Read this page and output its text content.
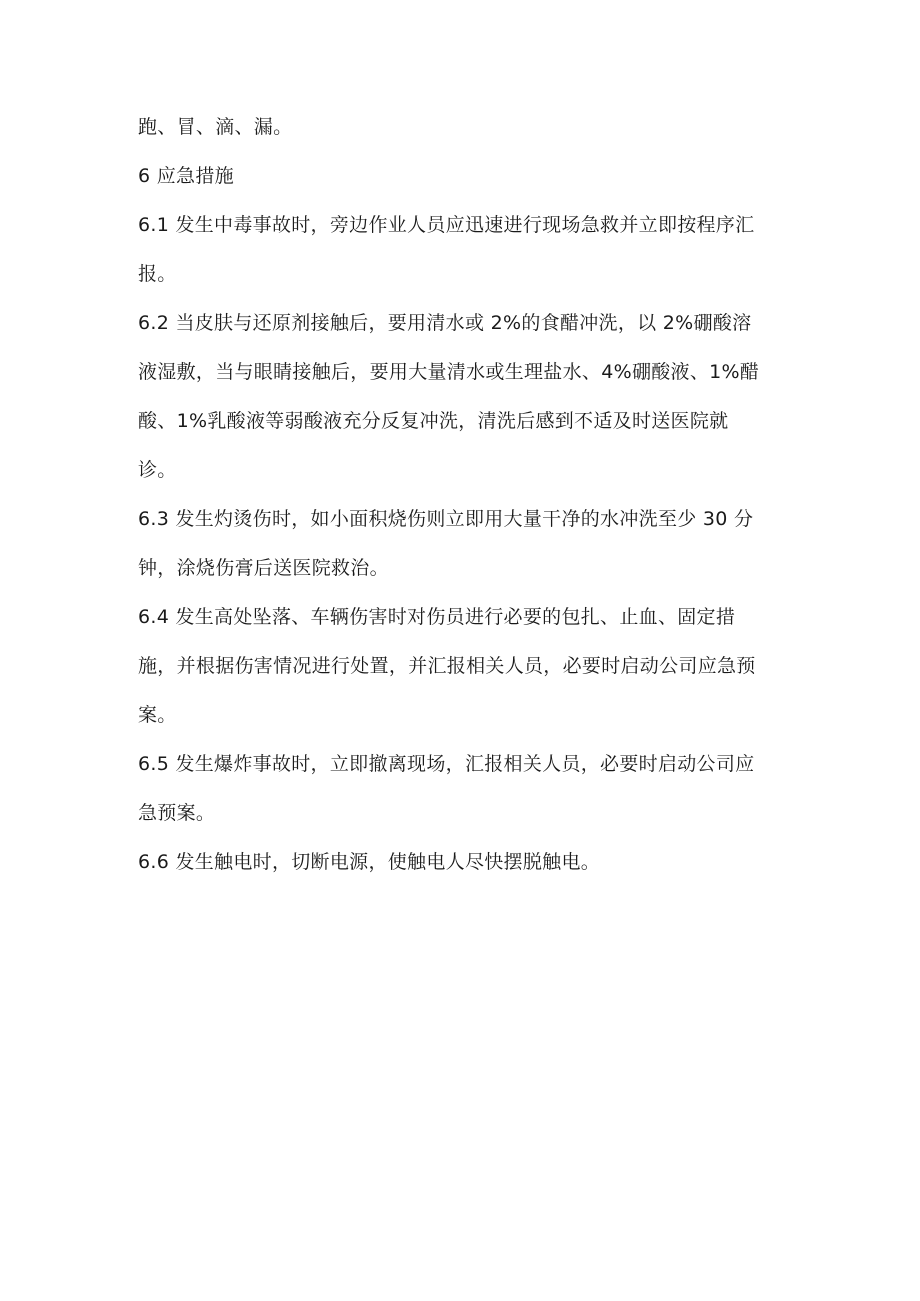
跑、冒、滴、漏。
6 应急措施
6.1 发生中毒事故时，旁边作业人员应迅速进行现场急救并立即按程序汇
报。
6.2 当皮肤与还原剂接触后，要用清水或 2%的食醋冲洗，以 2%硼酸溶
液湿敷，当与眼睛接触后，要用大量清水或生理盐水、4%硼酸液、1%醋
酸、1%乳酸液等弱酸液充分反复冲洗，清洗后感到不适及时送医院就
诊。
6.3 发生灼烫伤时，如小面积烧伤则立即用大量干净的水冲洗至少 30 分
钟，涂烧伤膏后送医院救治。
6.4 发生高处坠落、车辆伤害时对伤员进行必要的包扎、止血、固定措
施，并根据伤害情况进行处置，并汇报相关人员，必要时启动公司应急预
案。
6.5 发生爆炸事故时，立即撤离现场，汇报相关人员，必要时启动公司应
急预案。
6.6 发生触电时，切断电源，使触电人尽快摆脱触电。
